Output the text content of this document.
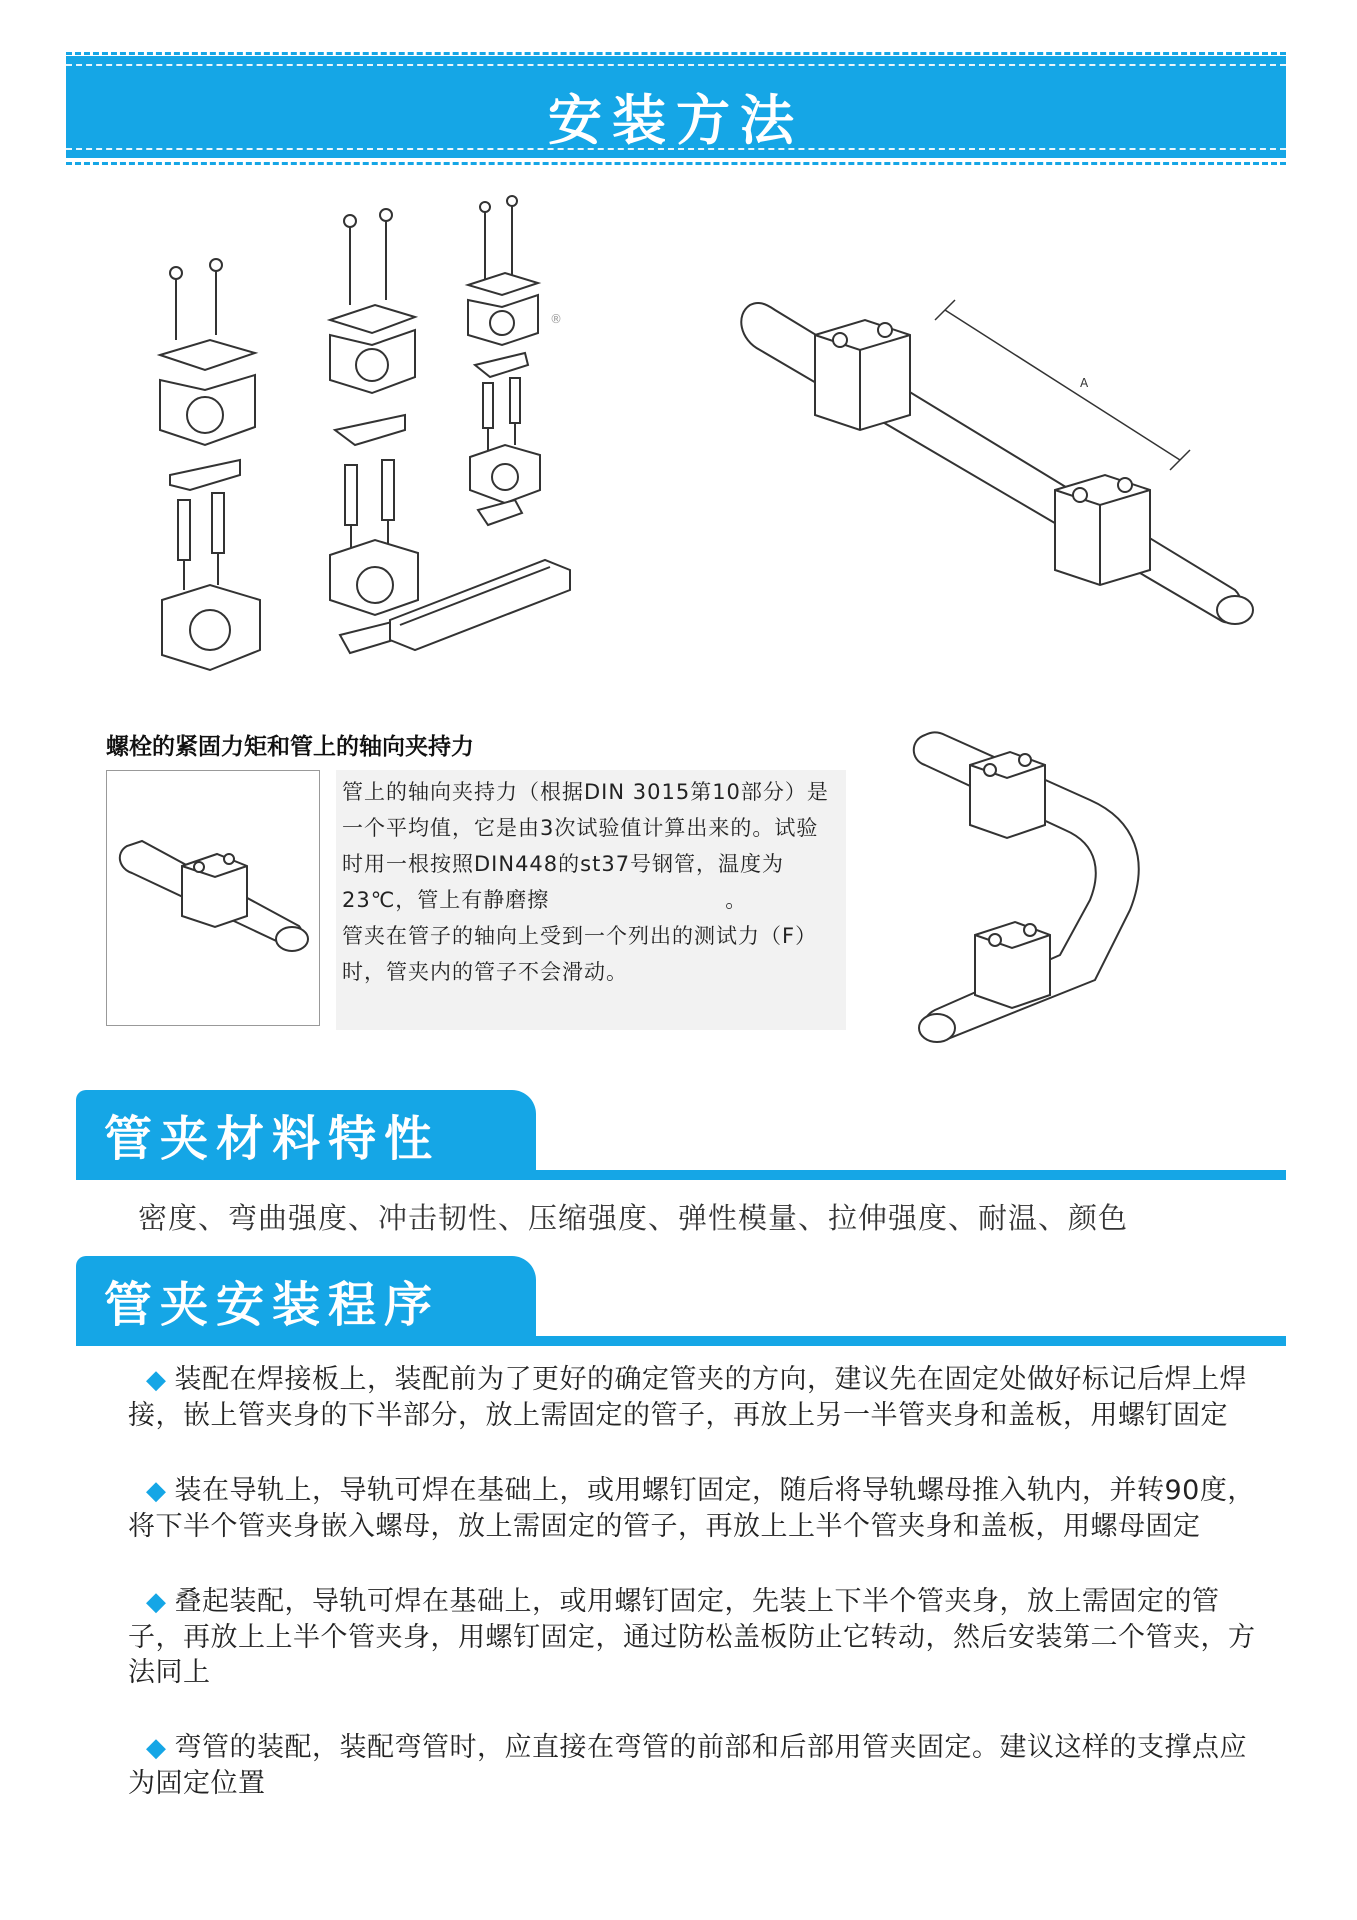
安装方法
®
A
螺栓的紧固力矩和管上的轴向夹持力

管上的轴向夹持力（根据DIN 3015第10部分）是一个平均值，它是由3次试验值计算出来的。试验时用一根按照DIN448的st37号钢管，温度为23℃，管上有静磨擦　　　　　　　　。

管夹在管子的轴向上受到一个列出的测试力（F）时，管夹内的管子不会滑动。

管夹材料特性
密度、弯曲强度、冲击韧性、压缩强度、弹性模量、拉伸强度、耐温、颜色
管夹安装程序
◆ 装配在焊接板上，装配前为了更好的确定管夹的方向，建议先在固定处做好标记后焊上焊接，嵌上管夹身的下半部分，放上需固定的管子，再放上另一半管夹身和盖板，用螺钉固定
◆ 装在导轨上，导轨可焊在基础上，或用螺钉固定，随后将导轨螺母推入轨内，并转90度，将下半个管夹身嵌入螺母，放上需固定的管子，再放上上半个管夹身和盖板，用螺母固定
◆ 叠起装配，导轨可焊在基础上，或用螺钉固定，先装上下半个管夹身，放上需固定的管子，再放上上半个管夹身，用螺钉固定，通过防松盖板防止它转动，然后安装第二个管夹，方法同上
◆ 弯管的装配，装配弯管时，应直接在弯管的前部和后部用管夹固定。建议这样的支撑点应为固定位置
